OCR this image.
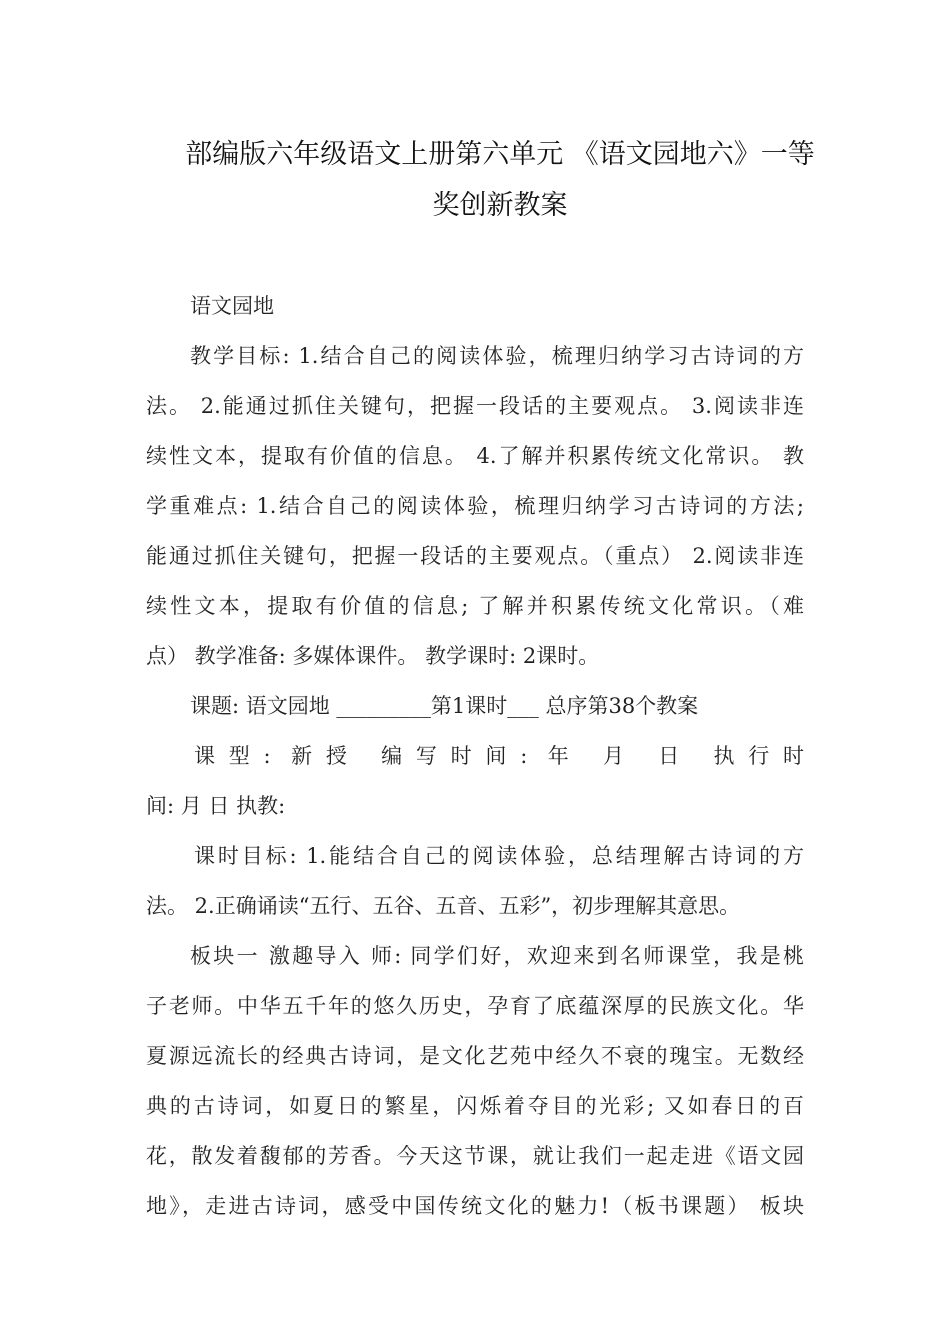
部编版六年级语文上册第六单元 《语文园地六》一等
奖创新教案
语文园地
教学目标: 1.结合自己的阅读体验，梳理归纳学习古诗词的方
法。 2.能通过抓住关键句，把握一段话的主要观点。 3.阅读非连
续性文本，提取有价值的信息。 4.了解并积累传统文化常识。 教
学重难点: 1.结合自己的阅读体验，梳理归纳学习古诗词的方法;
能通过抓住关键句，把握一段话的主要观点。（重点） 2.阅读非连
续性文本，提取有价值的信息; 了解并积累传统文化常识。（难
点） 教学准备: 多媒体课件。 教学课时: 2课时。
课题: 语文园地 _________第1课时___ 总序第38个教案
课型: 新授 编写时间: 年 月 日 执行时
间: 月 日 执教:
课时目标: 1.能结合自己的阅读体验，总结理解古诗词的方
法。 2.正确诵读“五行、五谷、五音、五彩”，初步理解其意思。
板块一 激趣导入 师: 同学们好，欢迎来到名师课堂，我是桃
子老师。中华五千年的悠久历史，孕育了底蕴深厚的民族文化。华
夏源远流长的经典古诗词，是文化艺苑中经久不衰的瑰宝。无数经
典的古诗词，如夏日的繁星，闪烁着夺目的光彩; 又如春日的百
花，散发着馥郁的芳香。今天这节课，就让我们一起走进《语文园
地》，走进古诗词，感受中国传统文化的魅力!（板书课题） 板块
